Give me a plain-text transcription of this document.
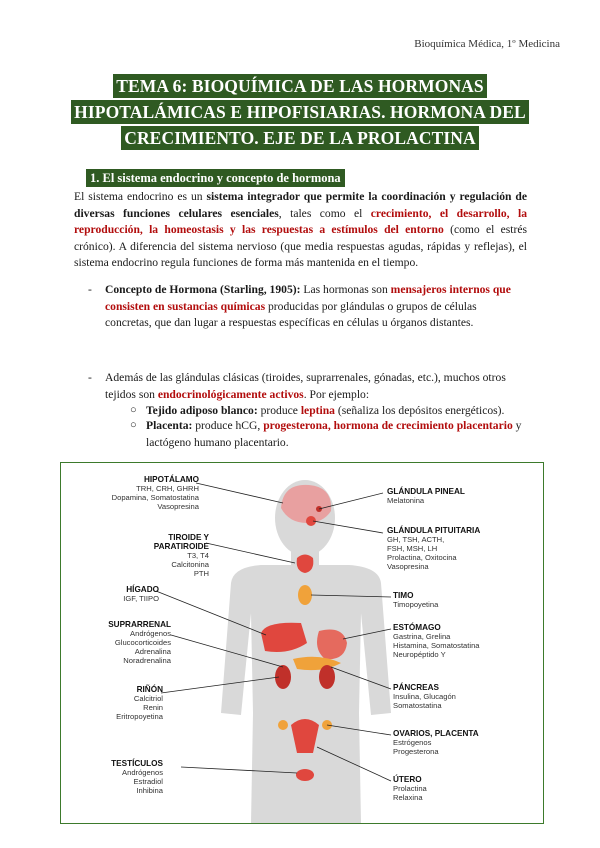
Bioquímica Médica, 1º Medicina
TEMA 6: BIOQUÍMICA DE LAS HORMONAS
HIPOTALÁMICAS E HIPOFISIARIAS. HORMONA DEL
CRECIMIENTO. EJE DE LA PROLACTINA
1. El sistema endocrino y concepto de hormona

El sistema endocrino es un sistema integrador que permite la coordinación y regulación de diversas funciones celulares esenciales, tales como el crecimiento, el desarrollo, la reproducción, la homeostasis y las respuestas a estímulos del entorno (como el estrés crónico). A diferencia del sistema nervioso (que media respuestas agudas, rápidas y reflejas), el sistema endocrino regula funciones de forma más mantenida en el tiempo.

- Concepto de Hormona (Starling, 1905): Las hormonas son mensajeros internos que consisten en sustancias químicas producidas por glándulas o grupos de células concretas, que dan lugar a respuestas específicas en células u órganos distantes.

- Además de las glándulas clásicas (tiroides, suprarrenales, gónadas, etc.), muchos otros tejidos son endocrinológicamente activos. Por ejemplo:

○ Tejido adiposo blanco: produce leptina (señaliza los depósitos energéticos).

○ Placenta: produce hCG, progesterona, hormona de crecimiento placentario y lactógeno humano placentario.

HIPOTÁLAMO
TRH, CRH, GHRH
Dopamina, Somatostatina
Vasopresina
TIROIDE Y PARATIROIDE
T3, T4
Calcitonina
PTH
HÍGADO
IGF, TIIPO
SUPRARRENAL
Andrógenos
Glucocorticoides
Adrenalina
Noradrenalina
RIÑÓN
Calcitriol
Renin
Eritropoyetina
TESTÍCULOS
Andrógenos
Estradiol
Inhibina
GLÁNDULA PINEAL
Melatonina
GLÁNDULA PITUITARIA
GH, TSH, ACTH,
FSH, MSH, LH
Prolactina, Oxitocina
Vasopresina
TIMO
Timopoyetina
ESTÓMAGO
Gastrina, Grelina
Histamina, Somatostatina
Neuropéptido Y
PÁNCREAS
Insulina, Glucagón
Somatostatina
OVARIOS, PLACENTA
Estrógenos
Progesterona
ÚTERO
Prolactina
Relaxina
